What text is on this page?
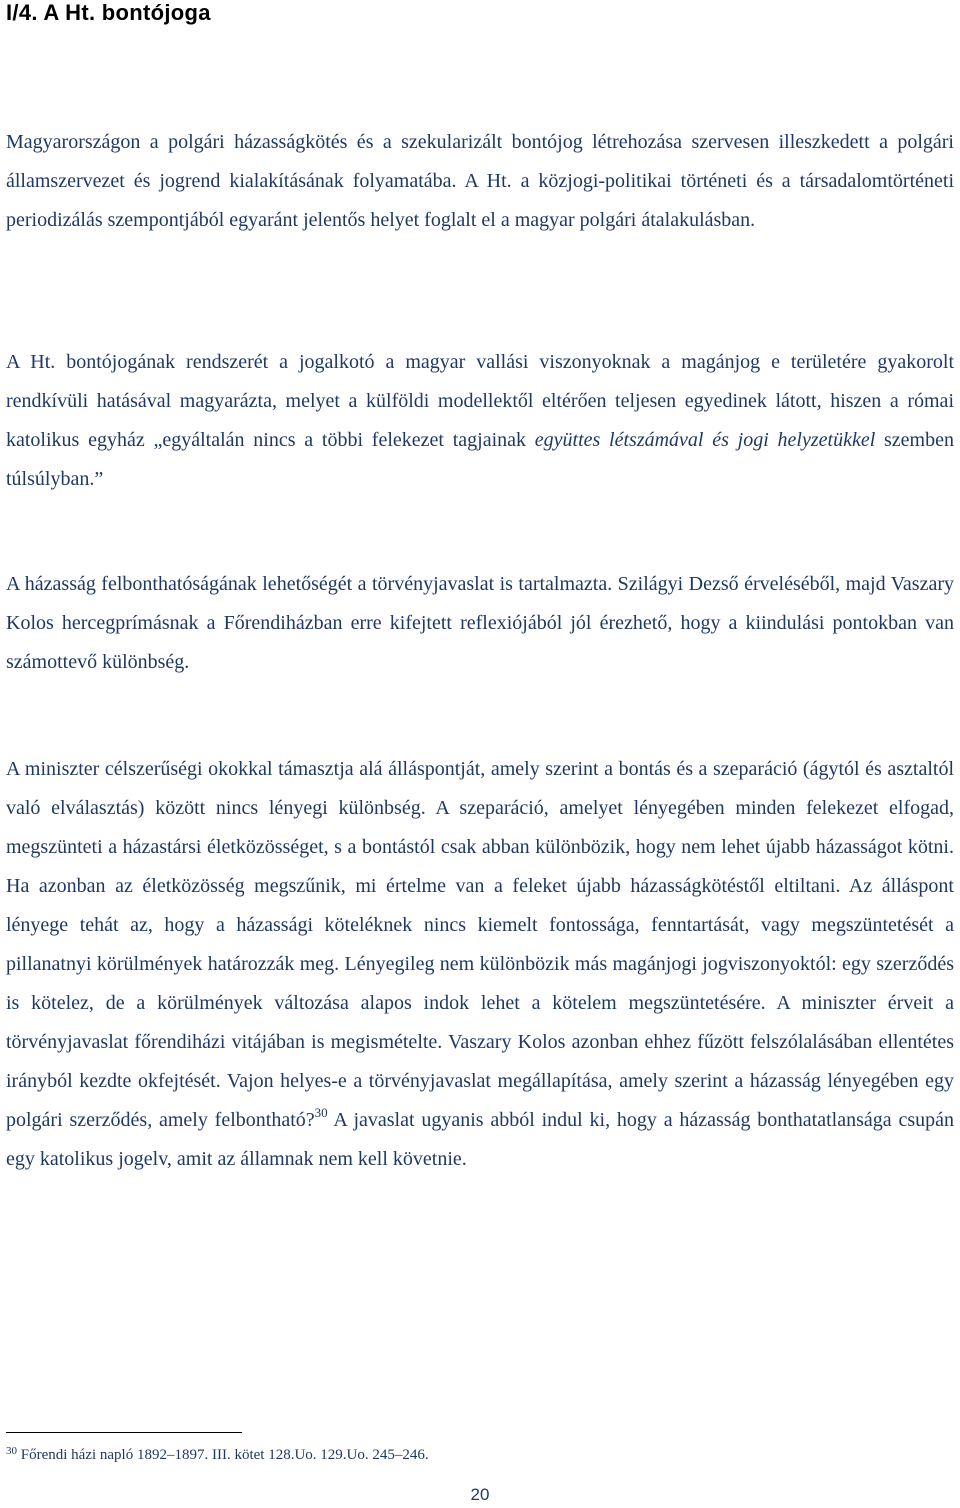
I/4. A Ht. bontójoga

Magyarországon a polgári házasságkötés és a szekularizált bontójog létrehozása szervesen illeszkedett a polgári államszervezet és jogrend kialakításának folyamatába. A Ht. a közjogi-politikai történeti és a társadalomtörténeti periodizálás szempontjából egyaránt jelentős helyet foglalt el a magyar polgári átalakulásban.

A Ht. bontójogának rendszerét a jogalkotó a magyar vallási viszonyoknak a magánjog e területére gyakorolt rendkívüli hatásával magyarázta, melyet a külföldi modellektől eltérően teljesen egyedinek látott, hiszen a római katolikus egyház „egyáltalán nincs a többi felekezet tagjainak együttes létszámával és jogi helyzetükkel szemben túlsúlyban.”

A házasság felbonthatóságának lehetőségét a törvényjavaslat is tartalmazta. Szilágyi Dezső érveléséből, majd Vaszary Kolos hercegprímásnak a Főrendiházban erre kifejtett reflexiójából jól érezhető, hogy a kiindulási pontokban van számottevő különbség.

A miniszter célszerűségi okokkal támasztja alá álláspontját, amely szerint a bontás és a szeparáció (ágytól és asztaltól való elválasztás) között nincs lényegi különbség. A szeparáció, amelyet lényegében minden felekezet elfogad, megszünteti a házastársi életközösséget, s a bontástól csak abban különbözik, hogy nem lehet újabb házasságot kötni. Ha azonban az életközösség megszűnik, mi értelme van a feleket újabb házasságkötéstől eltiltani. Az álláspont lényege tehát az, hogy a házassági köteléknek nincs kiemelt fontossága, fenntartását, vagy megszüntetését a pillanatnyi körülmények határozzák meg. Lényegileg nem különbözik más magánjogi jogviszonyoktól: egy szerződés is kötelez, de a körülmények változása alapos indok lehet a kötelem megszüntetésére. A miniszter érveit a törvényjavaslat főrendiházi vitájában is megismételte. Vaszary Kolos azonban ehhez fűzött felszólalásában ellentétes irányból kezdte okfejtését. Vajon helyes-e a törvényjavaslat megállapítása, amely szerint a házasság lényegében egy polgári szerződés, amely felbontható?$^{30}$ A javaslat ugyanis abból indul ki, hogy a házasság bonthatatlansága csupán egy katolikus jogelv, amit az államnak nem kell követnie.

$^{30}$ Főrendi házi napló 1892–1897. III. kötet 128.Uo. 129.Uo. 245–246.
20
